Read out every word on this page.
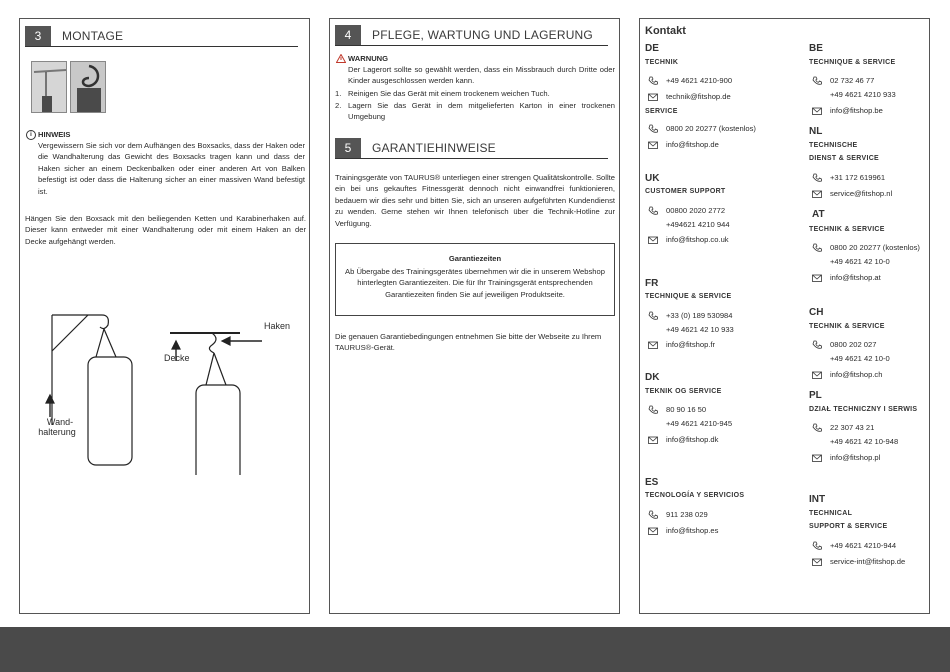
3	MONTAGE
i HINWEIS
Vergewissern Sie sich vor dem Aufhängen des Boxsacks, dass der Haken oder die Wandhalterung das Gewicht des Boxsacks tragen kann und dass der Haken sicher an einem Deckenbalken oder einer anderen Art von Balken befestigt ist oder dass die Halterung sicher an einer massiven Wand befestigt ist.
Hängen Sie den Boxsack mit den beiliegenden Ketten und Karabinerhaken auf. Dieser kann entweder mit einer Wandhalterung oder mit einem Haken an der Decke aufgehängt werden.
Wand-
halterung
Decke
Haken
4	PFLEGE, WARTUNG UND LAGERUNG
WARNUNG
Der Lagerort sollte so gewählt werden, dass ein Missbrauch durch Dritte oder Kinder ausgeschlossen werden kann.
1. Reinigen Sie das Gerät mit einem trockenem weichen Tuch.
2. Lagern Sie das Gerät in dem mitgelieferten Karton in einer trockenen Umgebung
5	GARANTIEHINWEISE
Trainingsgeräte von TAURUS® unterliegen einer strengen Qualitätskontrolle. Sollte ein bei uns gekauftes Fitnessgerät dennoch nicht einwandfrei funktionieren, bedauern wir dies sehr und bitten Sie, sich an unseren aufgeführten Kundendienst zu wenden. Gerne stehen wir Ihnen telefonisch über die Technik-Hotline zur Verfügung.
Garantiezeiten
Ab Übergabe des Trainingsgerätes übernehmen wir die in unserem Webshop hinterlegten Garantiezeiten. Die für Ihr Trainingsgerät entsprechenden Garantiezeiten finden Sie auf jeweiligen Produktseite.
Die genauen Garantiebedingungen entnehmen Sie bitte der Webseite zu Ihrem TAURUS®-Gerät.
Kontakt
DE
TECHNIK
+49 4621 4210-900
technik@fitshop.de
SERVICE
0800 20 20277 (kostenlos)
info@fitshop.de
UK
CUSTOMER SUPPORT
00800 2020 2772
+494621 4210 944
info@fitshop.co.uk
FR
TECHNIQUE & SERVICE
+33 (0) 189 530984
+49 4621 42 10 933
info@fitshop.fr
DK
TEKNIK OG SERVICE
80 90 16 50
+49 4621 4210-945
info@fitshop.dk
ES
TECNOLOGÍA Y SERVICIOS
911 238 029
info@fitshop.es
BE
TECHNIQUE & SERVICE
02 732 46 77
+49 4621 4210 933
info@fitshop.be
NL
TECHNISCHE
DIENST & SERVICE
+31 172 619961
service@fitshop.nl
AT
TECHNIK & SERVICE
0800 20 20277 (kostenlos)
+49 4621 42 10-0
info@fitshop.at
CH
TECHNIK & SERVICE
0800 202 027
+49 4621 42 10-0
info@fitshop.ch
PL
DZIAŁ TECHNICZNY I SERWIS
22 307 43 21
+49 4621 42 10-948
info@fitshop.pl
INT
TECHNICAL
SUPPORT & SERVICE
+49 4621 4210-944
service-int@fitshop.de
